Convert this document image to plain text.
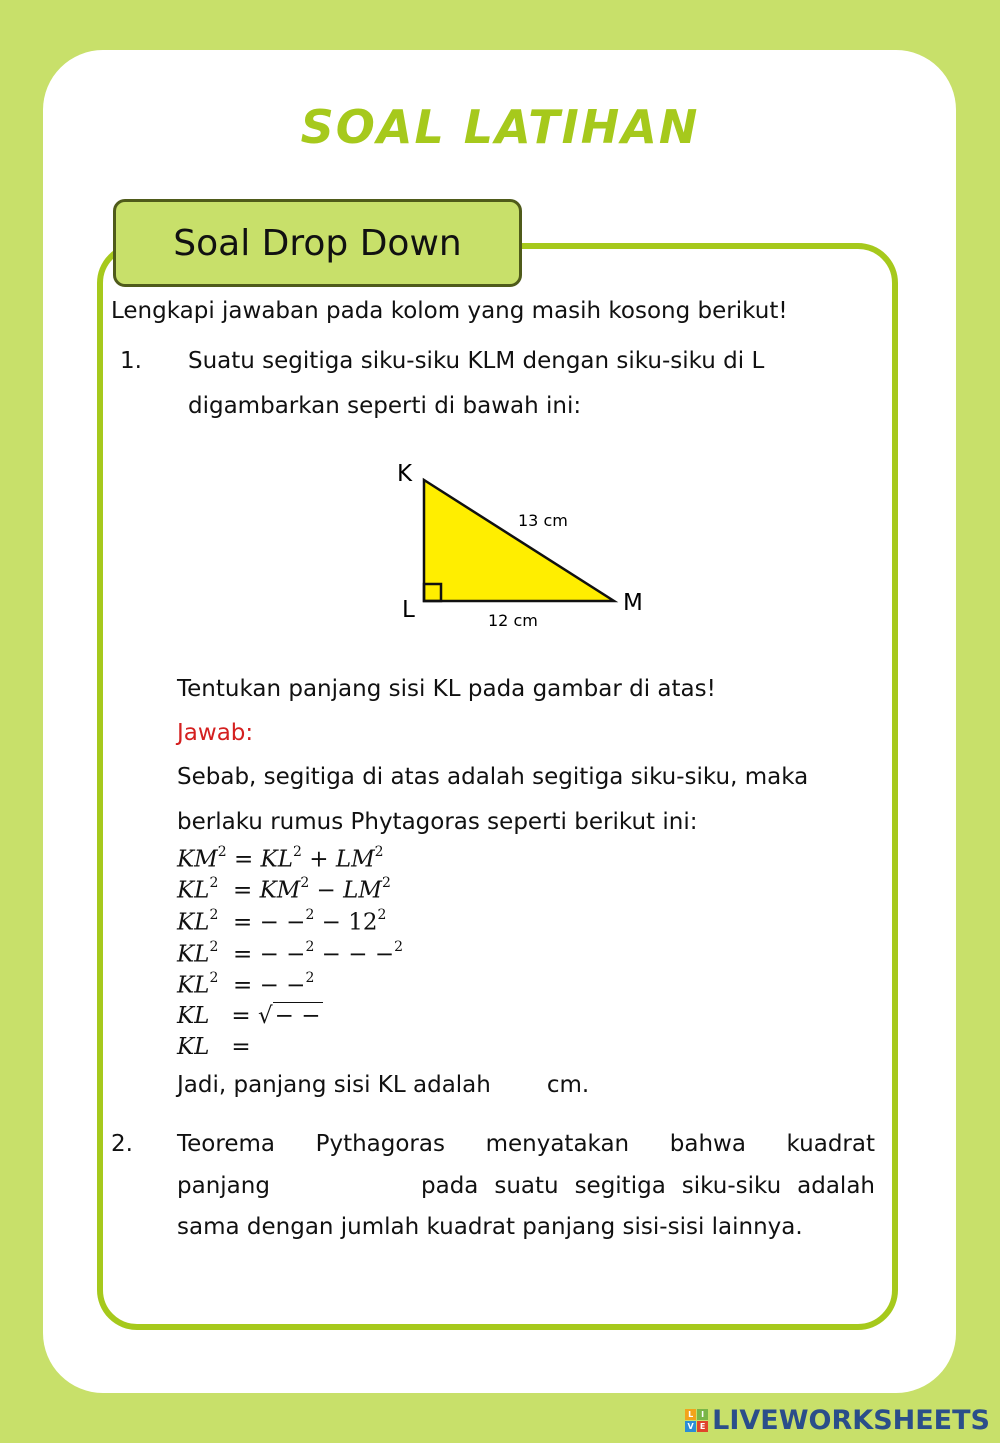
SOAL LATIHAN
Soal Drop Down
Lengkapi jawaban pada kolom yang masih kosong berikut!
1. Suatu segitiga siku-siku KLM dengan siku-siku di L
digambarkan seperti di bawah ini:
K
L	M
13 cm
12 cm
Tentukan panjang sisi KL pada gambar di atas!
Jawab:
Sebab, segitiga di atas adalah segitiga siku-siku, maka
berlaku rumus Phytagoras seperti berikut ini:
$KM^2 = KL^2 + LM^2$
$KL^2 = KM^2 - LM^2$
$KL^2$  = − $-^2 - 12^2$
$KL^2$  = − −$^2$ − − −$^2$
$KL^2$  = − −$^2$
KL   = √− −
KL   =
Jadi, panjang sisi KL adalah cm.
2. Teorema Pythagoras menyatakan bahwa kuadrat
panjang	pada suatu segitiga siku-siku adalah
sama dengan jumlah kuadrat panjang sisi-sisi lainnya.
L I
V E LIVEWORKSHEETS
